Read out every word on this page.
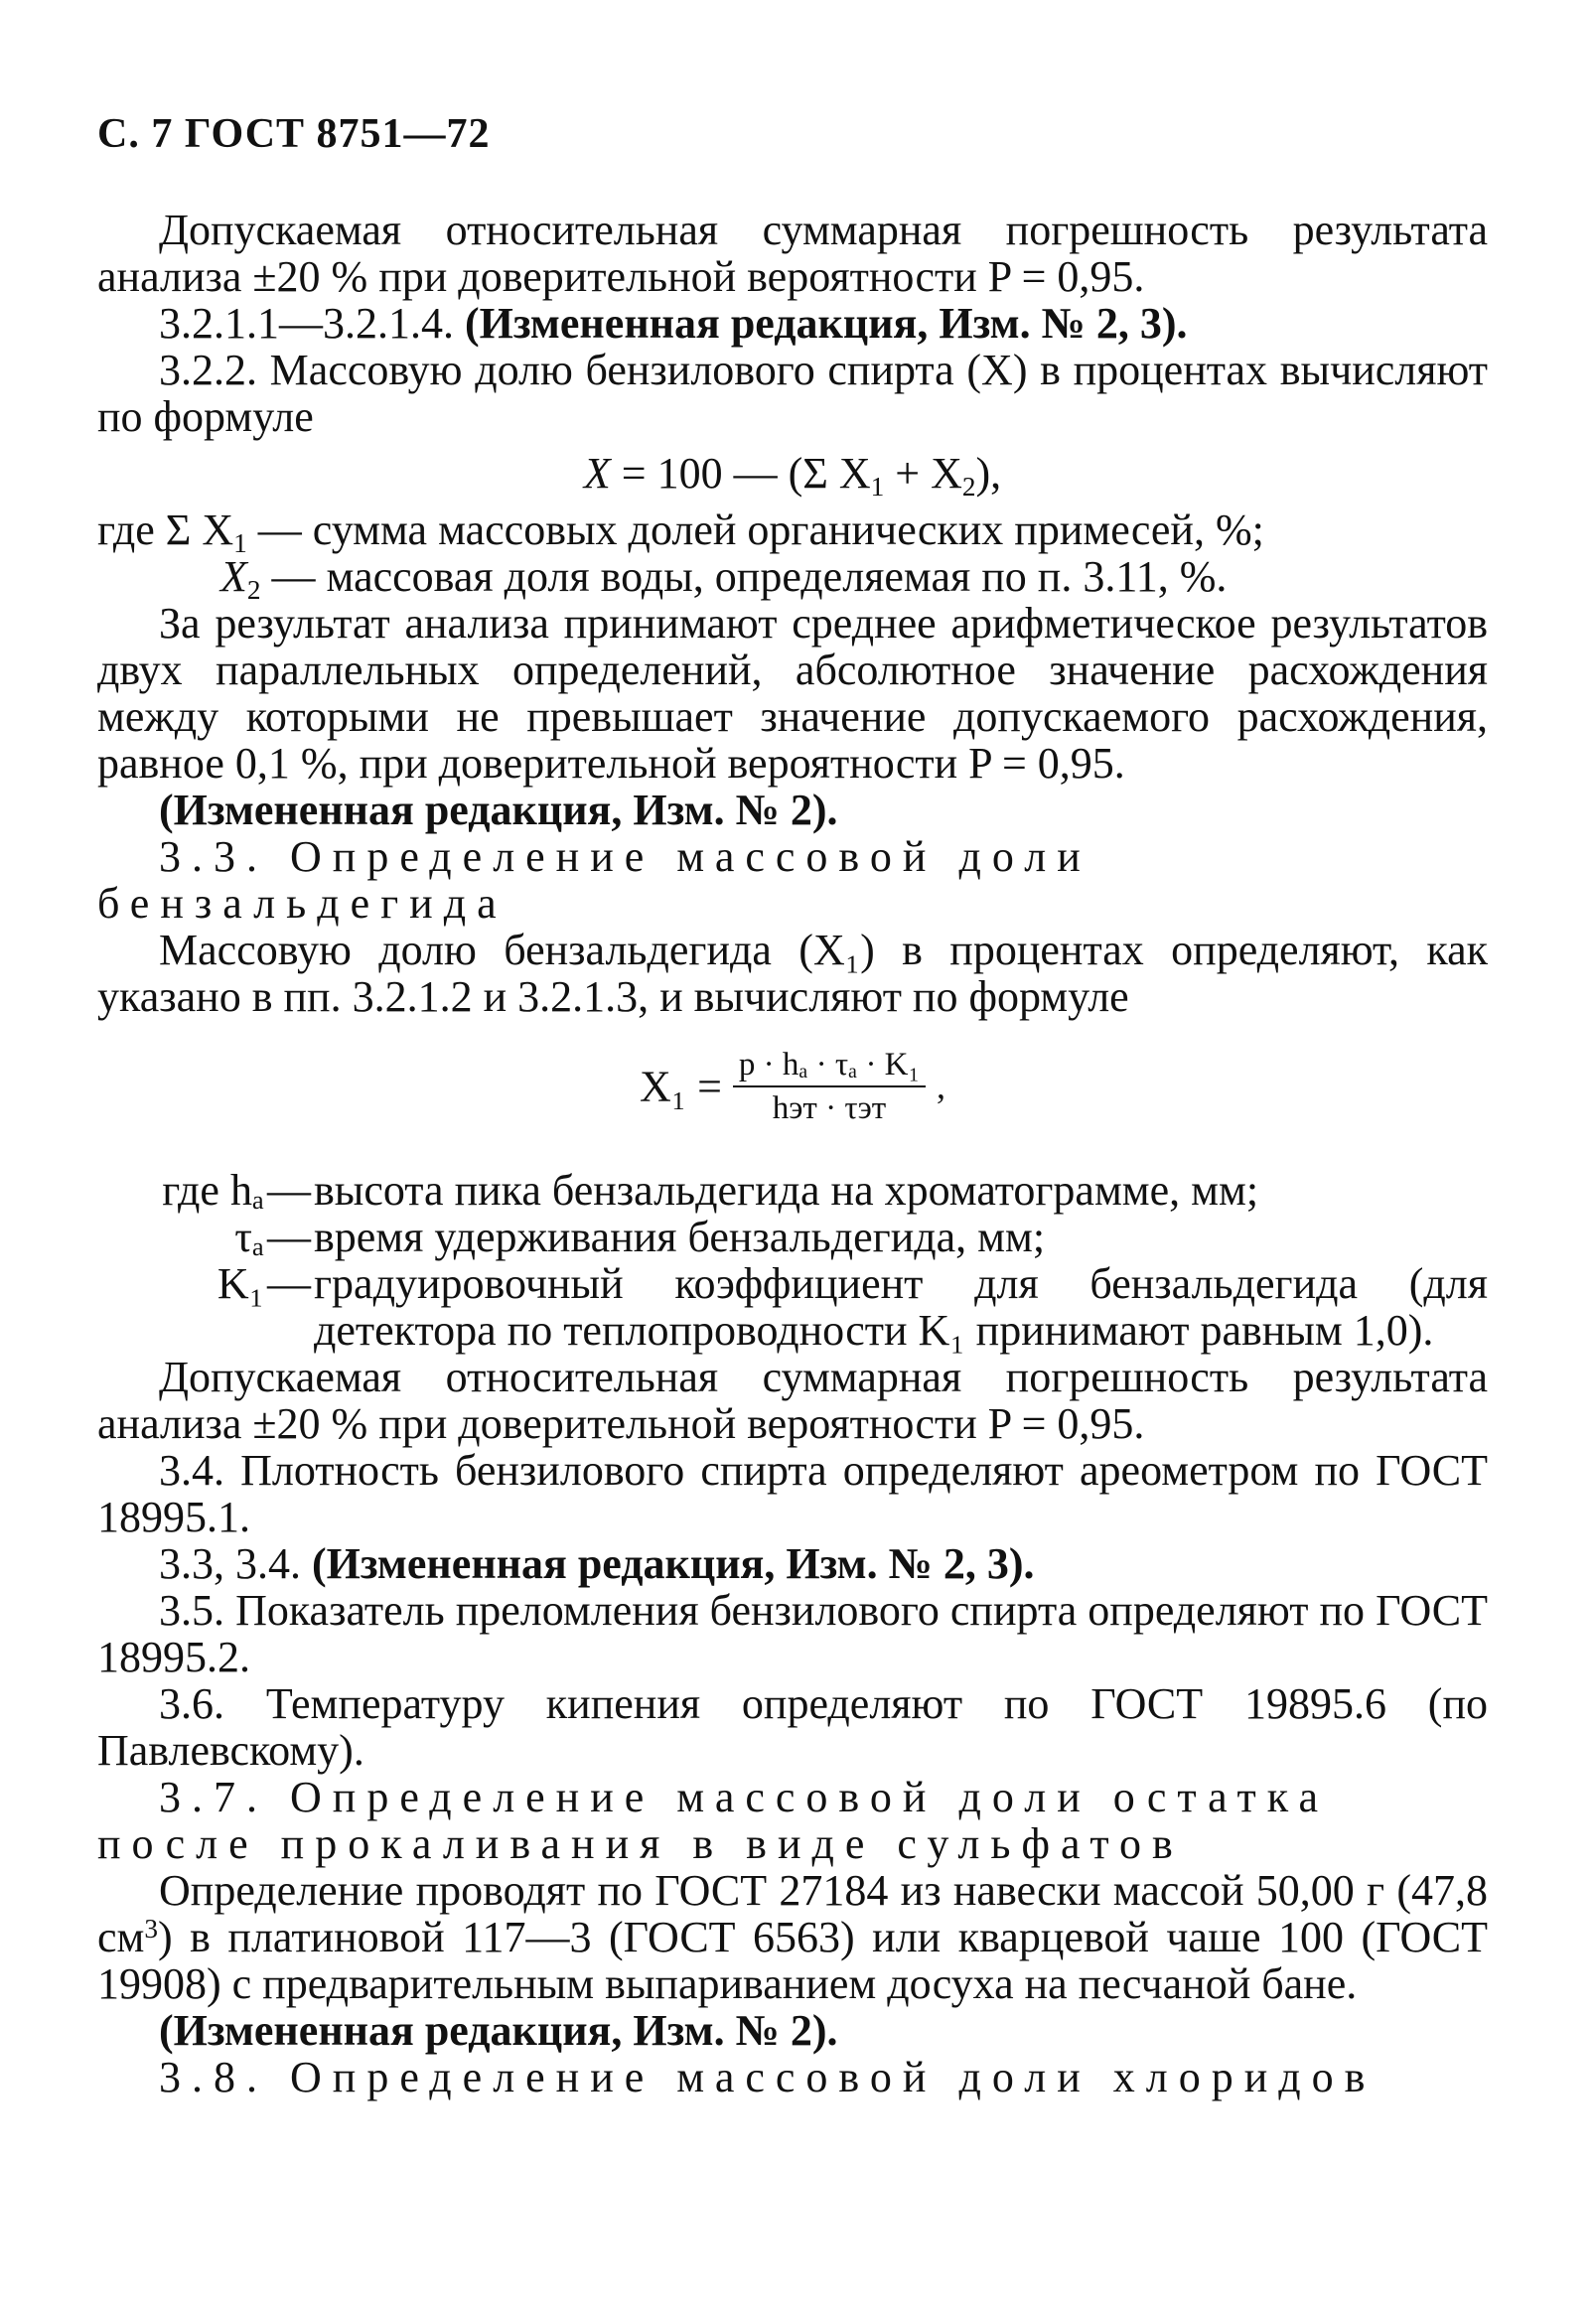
С. 7 ГОСТ 8751—72

Допускаемая относительная суммарная погрешность результата анализа ±20 % при доверительной вероятности P = 0,95.

3.2.1.1—3.2.1.4. (Измененная редакция, Изм. № 2, 3).

3.2.2. Массовую долю бензилового спирта (X) в процентах вычисляют по формуле

X = 100 — (Σ $X_1 + X_2$),

где Σ $X_1$ — сумма массовых долей органических примесей, %;

$X_2$ — массовая доля воды, определяемая по п. 3.11, %.

За результат анализа принимают среднее арифметическое результатов двух параллельных определений, абсолютное значение расхождения между которыми не превышает значение допускаемого расхождения, равное 0,1 %, при доверительной вероятности P = 0,95.

(Измененная редакция, Изм. № 2).

3.3. Определение массовой доли бензальдегида

Массовую долю бензальдегида (X₁) в процентах определяют, как указано в пп. 3.2.1.2 и 3.2.1.3, и вычисляют по формуле

$X_1 = \frac{\text{p · hₐ · τₐ · K₁}}{\text{hэт · τэт}}$ ,
где hₐ — высота пика бензальдегида на хроматограмме, мм;
τₐ — время удерживания бензальдегида, мм;
K₁ — градуировочный коэффициент для бензальдегида (для детектора по теплопроводности K₁ принимают равным 1,0).

Допускаемая относительная суммарная погрешность результата анализа ±20 % при доверительной вероятности P = 0,95.

3.4. Плотность бензилового спирта определяют ареометром по ГОСТ 18995.1.

3.3, 3.4. (Измененная редакция, Изм. № 2, 3).

3.5. Показатель преломления бензилового спирта определяют по ГОСТ 18995.2.

3.6. Температуру кипения определяют по ГОСТ 19895.6 (по Павлевскому).

3.7. Определение массовой доли остатка после прокаливания в виде сульфатов

Определение проводят по ГОСТ 27184 из навески массой 50,00 г (47,8 $см^3$) в платиновой 117—3 (ГОСТ 6563) или кварцевой чаше 100 (ГОСТ 19908) с предварительным выпариванием досуха на песчаной бане.

(Измененная редакция, Изм. № 2).

3.8. Определение массовой доли хлоридов
